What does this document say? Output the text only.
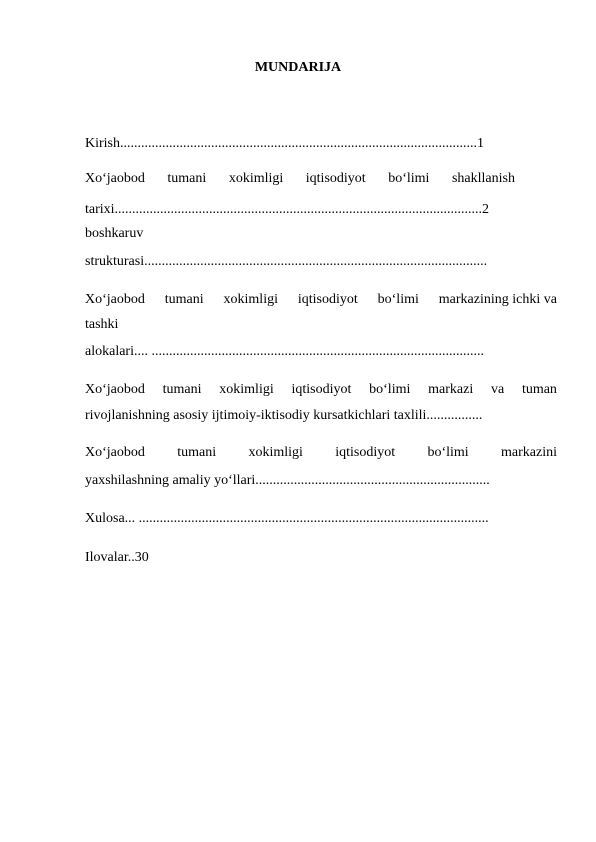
MUNDARIJA
Kirish......................................................................................................1
Xo‘jaobod tumani xokimligi iqtisodiyot bo‘limi shakllanish
tarixi.........................................................................................................2
boshkaruv
strukturasi..................................................................................................
Xo‘jaobod tumani xokimligi iqtisodiyot bo‘limi markazining ichki va
tashki
alokalari.... ...............................................................................................
Xo‘jaobod tumani xokimligi iqtisodiyot bo‘limi markazi va tuman
rivojlanishning asosiy ijtimoiy-iktisodiy kursatkichlari taxlili................
Xo‘jaobod tumani xokimligi iqtisodiyot bo‘limi markazini
yaxshilashning amaliy yo‘llari...................................................................
Xulosa... ....................................................................................................
Ilovalar..30
